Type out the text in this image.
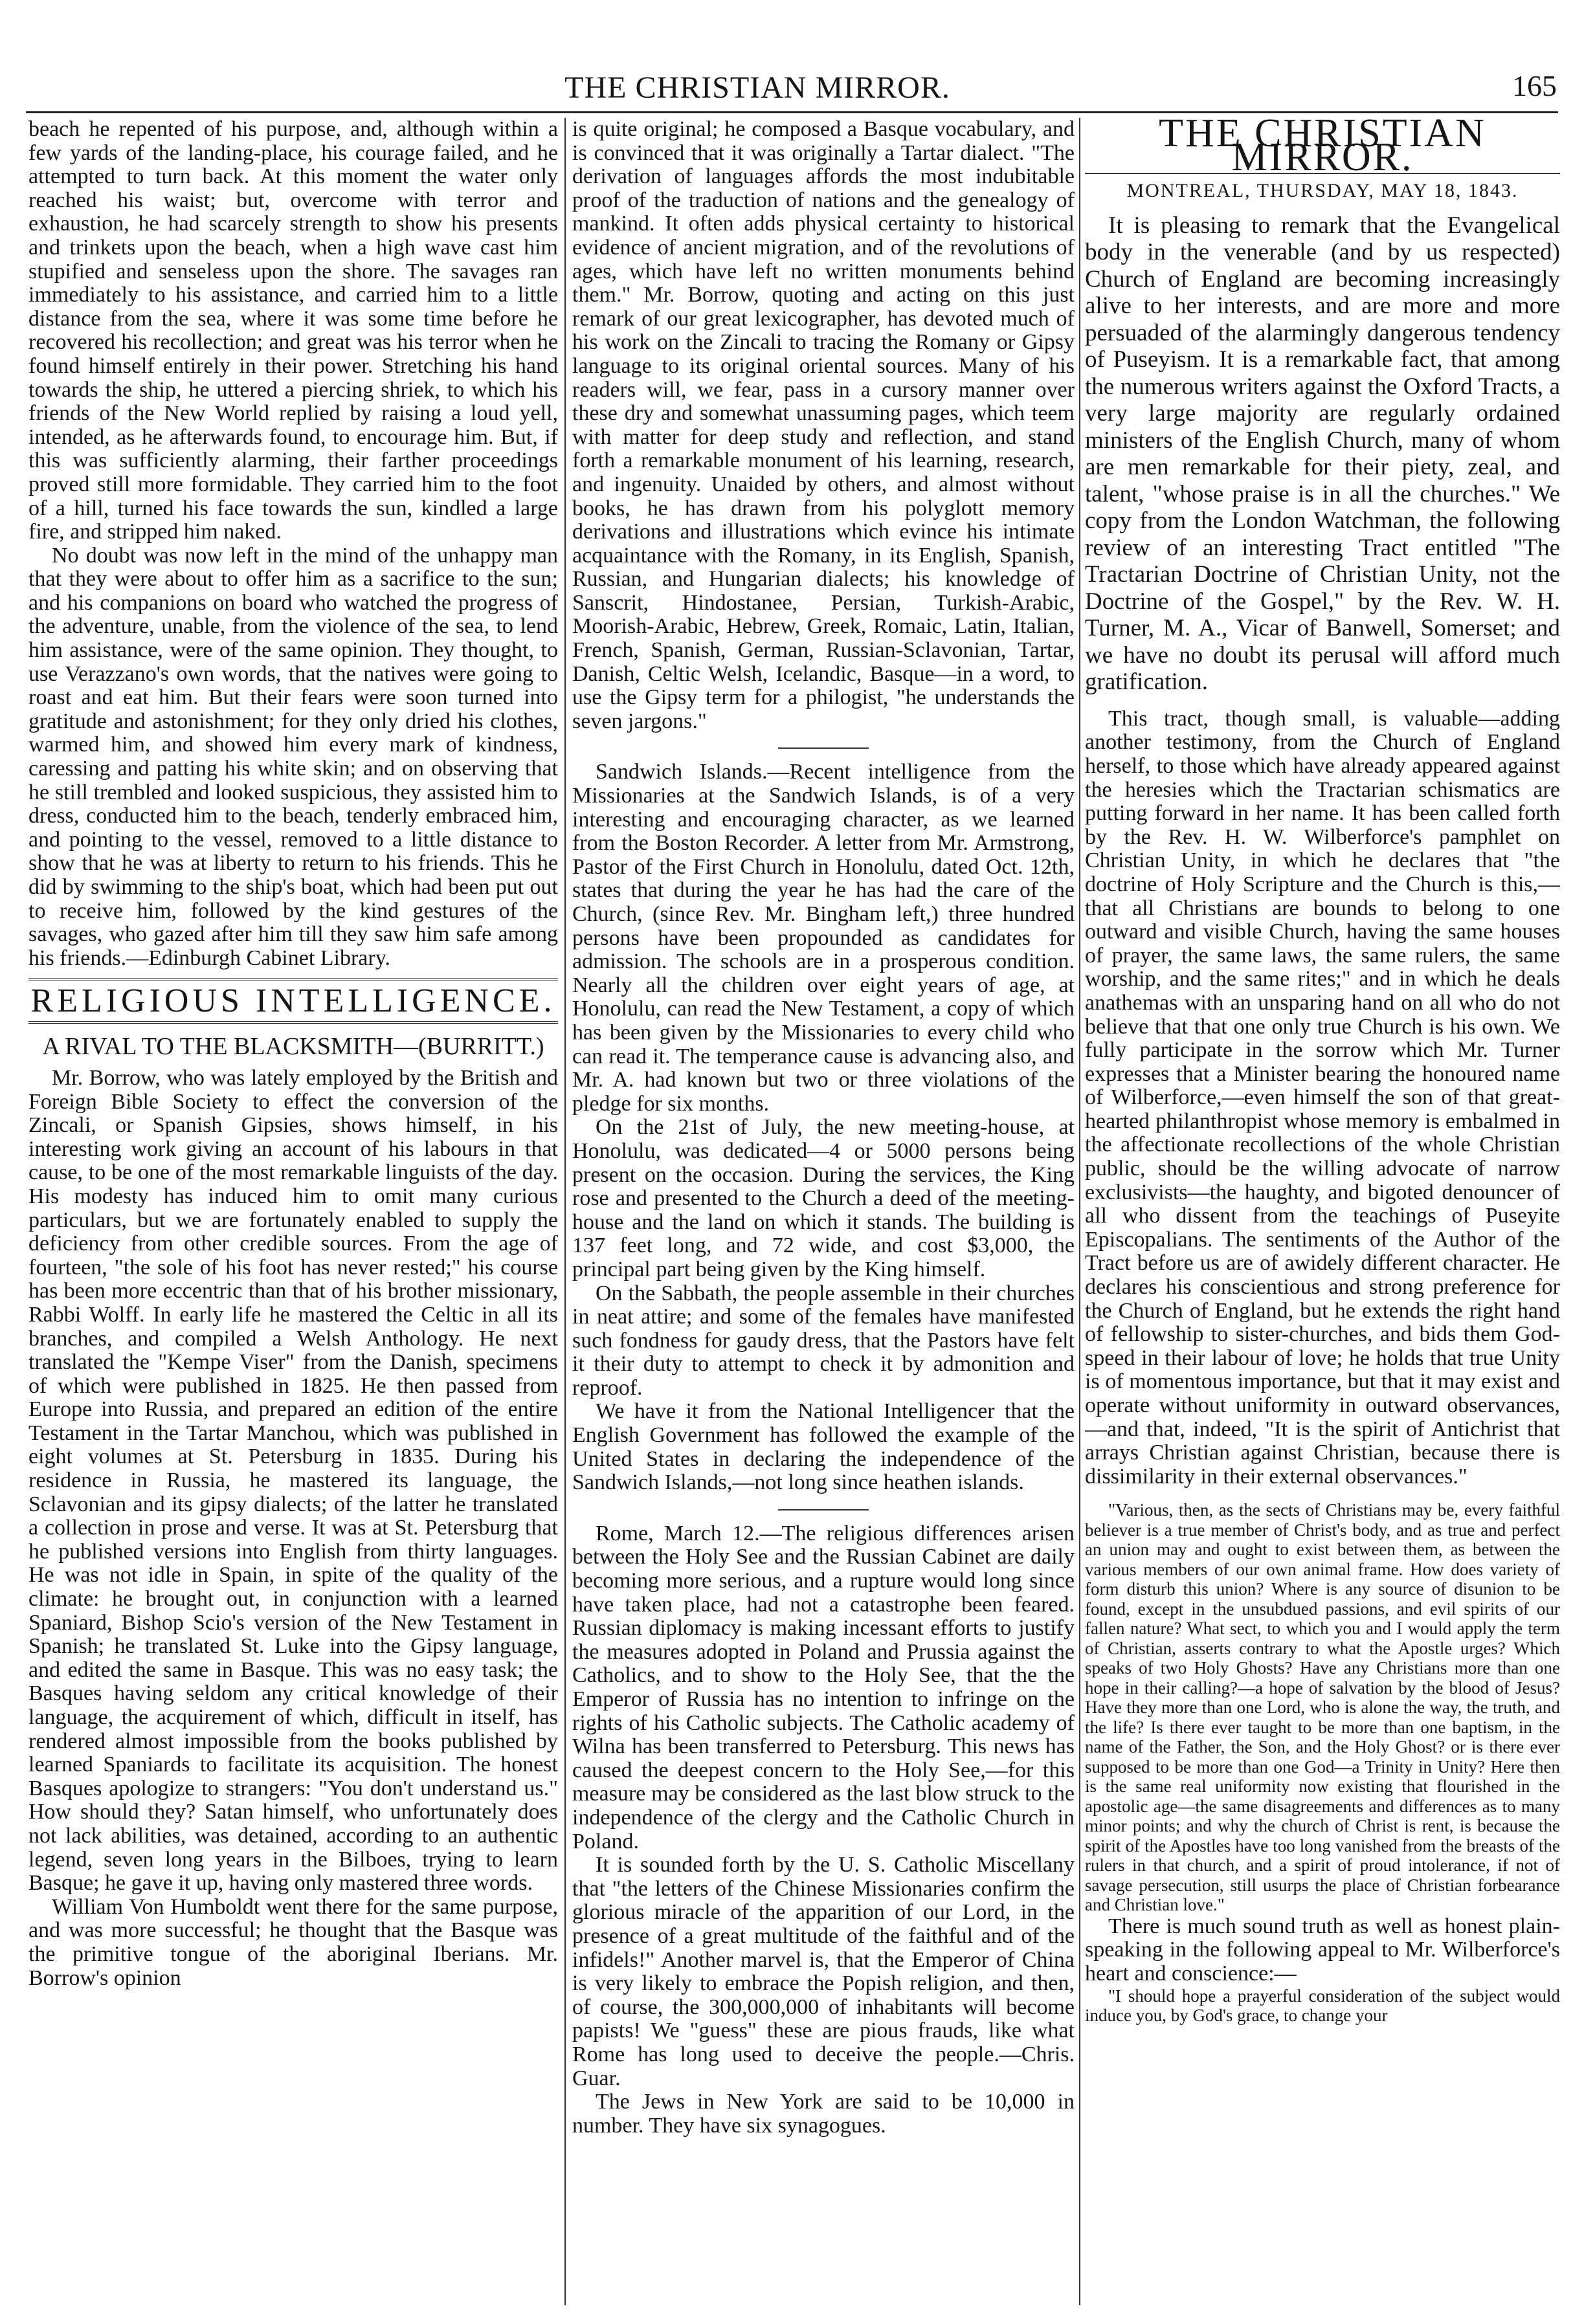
THE CHRISTIAN MIRROR.	165

beach he repented of his purpose, and, although within a few yards of the landing-place, his courage failed, and he attempted to turn back. At this moment the water only reached his waist; but, overcome with terror and exhaustion, he had scarcely strength to show his presents and trinkets upon the beach, when a high wave cast him stupified and senseless upon the shore. The savages ran immediately to his assistance, and carried him to a little distance from the sea, where it was some time before he recovered his recollection; and great was his terror when he found himself entirely in their power. Stretching his hand towards the ship, he uttered a piercing shriek, to which his friends of the New World replied by raising a loud yell, intended, as he afterwards found, to encourage him. But, if this was sufficiently alarming, their farther proceedings proved still more formidable. They carried him to the foot of a hill, turned his face towards the sun, kindled a large fire, and stripped him naked.

No doubt was now left in the mind of the unhappy man that they were about to offer him as a sacrifice to the sun; and his companions on board who watched the progress of the adventure, unable, from the violence of the sea, to lend him assistance, were of the same opinion. They thought, to use Verazzano's own words, that the natives were going to roast and eat him. But their fears were soon turned into gratitude and astonishment; for they only dried his clothes, warmed him, and showed him every mark of kindness, caressing and patting his white skin; and on observing that he still trembled and looked suspicious, they assisted him to dress, conducted him to the beach, tenderly embraced him, and pointing to the vessel, removed to a little distance to show that he was at liberty to return to his friends. This he did by swimming to the ship's boat, which had been put out to receive him, followed by the kind gestures of the savages, who gazed after him till they saw him safe among his friends.—Edinburgh Cabinet Library.

RELIGIOUS INTELLIGENCE.
A RIVAL TO THE BLACKSMITH—(BURRITT.)

Mr. Borrow, who was lately employed by the British and Foreign Bible Society to effect the conversion of the Zincali, or Spanish Gipsies, shows himself, in his interesting work giving an account of his labours in that cause, to be one of the most remarkable linguists of the day. His modesty has induced him to omit many curious particulars, but we are fortunately enabled to supply the deficiency from other credible sources. From the age of fourteen, "the sole of his foot has never rested;" his course has been more eccentric than that of his brother missionary, Rabbi Wolff. In early life he mastered the Celtic in all its branches, and compiled a Welsh Anthology. He next translated the "Kempe Viser" from the Danish, specimens of which were published in 1825. He then passed from Europe into Russia, and prepared an edition of the entire Testament in the Tartar Manchou, which was published in eight volumes at St. Petersburg in 1835. During his residence in Russia, he mastered its language, the Sclavonian and its gipsy dialects; of the latter he translated a collection in prose and verse. It was at St. Petersburg that he published versions into English from thirty languages. He was not idle in Spain, in spite of the quality of the climate: he brought out, in conjunction with a learned Spaniard, Bishop Scio's version of the New Testament in Spanish; he translated St. Luke into the Gipsy language, and edited the same in Basque. This was no easy task; the Basques having seldom any critical knowledge of their language, the acquirement of which, difficult in itself, has rendered almost impossible from the books published by learned Spaniards to facilitate its acquisition. The honest Basques apologize to strangers: "You don't understand us." How should they? Satan himself, who unfortunately does not lack abilities, was detained, according to an authentic legend, seven long years in the Bilboes, trying to learn Basque; he gave it up, having only mastered three words.

William Von Humboldt went there for the same purpose, and was more successful; he thought that the Basque was the primitive tongue of the aboriginal Iberians. Mr. Borrow's opinion

is quite original; he composed a Basque vocabulary, and is convinced that it was originally a Tartar dialect. "The derivation of languages affords the most indubitable proof of the traduction of nations and the genealogy of mankind. It often adds physical certainty to historical evidence of ancient migration, and of the revolutions of ages, which have left no written monuments behind them." Mr. Borrow, quoting and acting on this just remark of our great lexicographer, has devoted much of his work on the Zincali to tracing the Romany or Gipsy language to its original oriental sources. Many of his readers will, we fear, pass in a cursory manner over these dry and somewhat unassuming pages, which teem with matter for deep study and reflection, and stand forth a remarkable monument of his learning, research, and ingenuity. Unaided by others, and almost without books, he has drawn from his polyglott memory derivations and illustrations which evince his intimate acquaintance with the Romany, in its English, Spanish, Russian, and Hungarian dialects; his knowledge of Sanscrit, Hindostanee, Persian, Turkish-Arabic, Moorish-Arabic, Hebrew, Greek, Romaic, Latin, Italian, French, Spanish, German, Russian-Sclavonian, Tartar, Danish, Celtic Welsh, Icelandic, Basque—in a word, to use the Gipsy term for a philogist, "he understands the seven jargons."

Sandwich Islands.—Recent intelligence from the Missionaries at the Sandwich Islands, is of a very interesting and encouraging character, as we learned from the Boston Recorder. A letter from Mr. Armstrong, Pastor of the First Church in Honolulu, dated Oct. 12th, states that during the year he has had the care of the Church, (since Rev. Mr. Bingham left,) three hundred persons have been propounded as candidates for admission. The schools are in a prosperous condition. Nearly all the children over eight years of age, at Honolulu, can read the New Testament, a copy of which has been given by the Missionaries to every child who can read it. The temperance cause is advancing also, and Mr. A. had known but two or three violations of the pledge for six months.

On the 21st of July, the new meeting-house, at Honolulu, was dedicated—4 or 5000 persons being present on the occasion. During the services, the King rose and presented to the Church a deed of the meeting-house and the land on which it stands. The building is 137 feet long, and 72 wide, and cost $3,000, the principal part being given by the King himself.

On the Sabbath, the people assemble in their churches in neat attire; and some of the females have manifested such fondness for gaudy dress, that the Pastors have felt it their duty to attempt to check it by admonition and reproof.

We have it from the National Intelligencer that the English Government has followed the example of the United States in declaring the independence of the Sandwich Islands,—not long since heathen islands.

Rome, March 12.—The religious differences arisen between the Holy See and the Russian Cabinet are daily becoming more serious, and a rupture would long since have taken place, had not a catastrophe been feared. Russian diplomacy is making incessant efforts to justify the measures adopted in Poland and Prussia against the Catholics, and to show to the Holy See, that the the Emperor of Russia has no intention to infringe on the rights of his Catholic subjects. The Catholic academy of Wilna has been transferred to Petersburg. This news has caused the deepest concern to the Holy See,—for this measure may be considered as the last blow struck to the independence of the clergy and the Catholic Church in Poland.

It is sounded forth by the U. S. Catholic Miscellany that "the letters of the Chinese Missionaries confirm the glorious miracle of the apparition of our Lord, in the presence of a great multitude of the faithful and of the infidels!" Another marvel is, that the Emperor of China is very likely to embrace the Popish religion, and then, of course, the 300,000,000 of inhabitants will become papists! We "guess" these are pious frauds, like what Rome has long used to deceive the people.—Chris. Guar.

The Jews in New York are said to be 10,000 in number. They have six synagogues.

THE CHRISTIAN MIRROR.
MONTREAL, THURSDAY, MAY 18, 1843.

It is pleasing to remark that the Evangelical body in the venerable (and by us respected) Church of England are becoming increasingly alive to her interests, and are more and more persuaded of the alarmingly dangerous tendency of Puseyism. It is a remarkable fact, that among the numerous writers against the Oxford Tracts, a very large majority are regularly ordained ministers of the English Church, many of whom are men remarkable for their piety, zeal, and talent, "whose praise is in all the churches." We copy from the London Watchman, the following review of an interesting Tract entitled "The Tractarian Doctrine of Christian Unity, not the Doctrine of the Gospel," by the Rev. W. H. Turner, M. A., Vicar of Banwell, Somerset; and we have no doubt its perusal will afford much gratification.

This tract, though small, is valuable—adding another testimony, from the Church of England herself, to those which have already appeared against the heresies which the Tractarian schismatics are putting forward in her name. It has been called forth by the Rev. H. W. Wilberforce's pamphlet on Christian Unity, in which he declares that "the doctrine of Holy Scripture and the Church is this,—that all Christians are bounds to belong to one outward and visible Church, having the same houses of prayer, the same laws, the same rulers, the same worship, and the same rites;" and in which he deals anathemas with an unsparing hand on all who do not believe that that one only true Church is his own. We fully participate in the sorrow which Mr. Turner expresses that a Minister bearing the honoured name of Wilberforce,—even himself the son of that great-hearted philanthropist whose memory is embalmed in the affectionate recollections of the whole Christian public, should be the willing advocate of narrow exclusivists—the haughty, and bigoted denouncer of all who dissent from the teachings of Puseyite Episcopalians. The sentiments of the Author of the Tract before us are of awidely different character. He declares his conscientious and strong preference for the Church of England, but he extends the right hand of fellowship to sister-churches, and bids them God-speed in their labour of love; he holds that true Unity is of momentous importance, but that it may exist and operate without uniformity in outward observances,—and that, indeed, "It is the spirit of Antichrist that arrays Christian against Christian, because there is dissimilarity in their external observances."

"Various, then, as the sects of Christians may be, every faithful believer is a true member of Christ's body, and as true and perfect an union may and ought to exist between them, as between the various members of our own animal frame. How does variety of form disturb this union? Where is any source of disunion to be found, except in the unsubdued passions, and evil spirits of our fallen nature? What sect, to which you and I would apply the term of Christian, asserts contrary to what the Apostle urges? Which speaks of two Holy Ghosts? Have any Christians more than one hope in their calling?—a hope of salvation by the blood of Jesus? Have they more than one Lord, who is alone the way, the truth, and the life? Is there ever taught to be more than one baptism, in the name of the Father, the Son, and the Holy Ghost? or is there ever supposed to be more than one God—a Trinity in Unity? Here then is the same real uniformity now existing that flourished in the apostolic age—the same disagreements and differences as to many minor points; and why the church of Christ is rent, is because the spirit of the Apostles have too long vanished from the breasts of the rulers in that church, and a spirit of proud intolerance, if not of savage persecution, still usurps the place of Christian forbearance and Christian love."

There is much sound truth as well as honest plain-speaking in the following appeal to Mr. Wilberforce's heart and conscience:—

"I should hope a prayerful consideration of the subject would induce you, by God's grace, to change your
